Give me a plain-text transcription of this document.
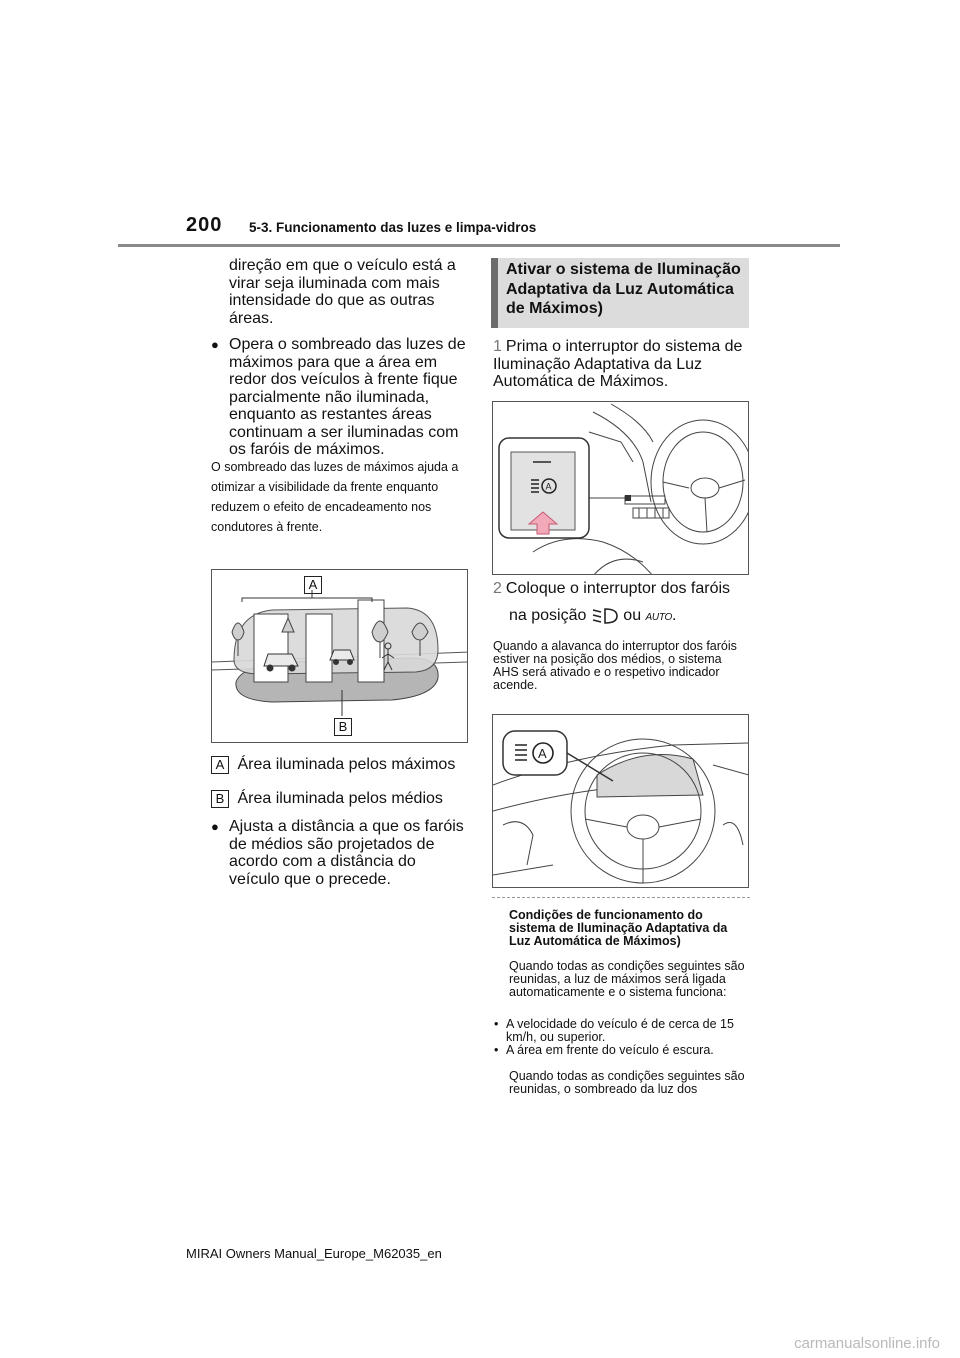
200 5-3. Funcionamento das luzes e limpa-vidros
direção em que o veículo está a virar seja iluminada com mais intensidade do que as outras áreas.
● Opera o sombreado das luzes de máximos para que a área em redor dos veículos à frente fique parcialmente não iluminada, enquanto as restantes áreas continuam a ser iluminadas com os faróis de máximos.
O sombreado das luzes de máximos ajuda a otimizar a visibilidade da frente enquanto reduzem o efeito de encadeamento nos condutores à frente.
A
B
A Área iluminada pelos máximos
B Área iluminada pelos médios
● Ajusta a distância a que os faróis de médios são projetados de acordo com a distância do veículo que o precede.
Ativar o sistema de Iluminação Adaptativa da Luz Automática de Máximos)
1 Prima o interruptor do sistema de Iluminação Adaptativa da Luz Automática de Máximos.
A
2 Coloque o interruptor dos faróis
na posição ou AUTO.
Quando a alavanca do interruptor dos faróis estiver na posição dos médios, o sistema AHS será ativado e o respetivo indicador acende.
A
Condições de funcionamento do sistema de Iluminação Adaptativa da Luz Automática de Máximos)
Quando todas as condições seguintes são reunidas, a luz de máximos será ligada automaticamente e o sistema funciona:
• A velocidade do veículo é de cerca de 15 km/h, ou superior.
• A área em frente do veículo é escura.
Quando todas as condições seguintes são reunidas, o sombreado da luz dos
MIRAI Owners Manual_Europe_M62035_en
carmanualsonline.info
